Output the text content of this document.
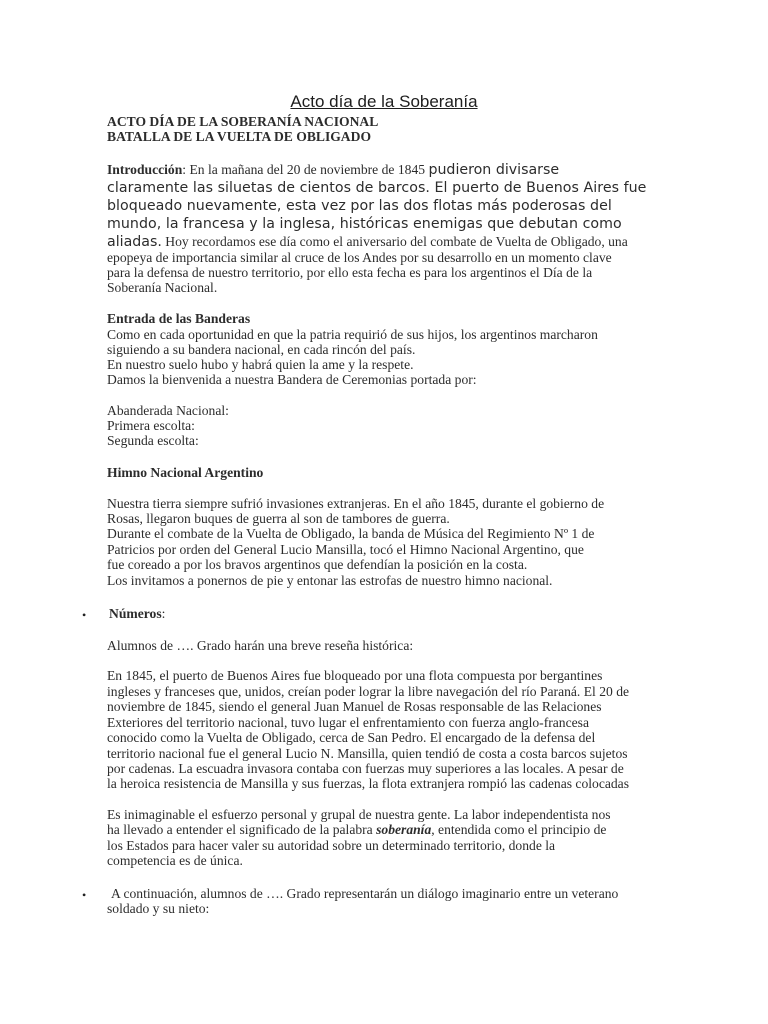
Acto día de la Soberanía
ACTO DÍA DE LA SOBERANÍA NACIONAL
BATALLA DE LA VUELTA DE OBLIGADO
Introducción: En la mañana del 20 de noviembre de 1845 pudieron divisarse
claramente las siluetas de cientos de barcos. El puerto de Buenos Aires fue
bloqueado nuevamente, esta vez por las dos flotas más poderosas del
mundo, la francesa y la inglesa, históricas enemigas que debutan como
aliadas. Hoy recordamos ese día como el aniversario del combate de Vuelta de Obligado, una
epopeya de importancia similar al cruce de los Andes por su desarrollo en un momento clave
para la defensa de nuestro territorio, por ello esta fecha es para los argentinos el Día de la
Soberanía Nacional.
Entrada de las Banderas
Como en cada oportunidad en que la patria requirió de sus hijos, los argentinos marcharon
siguiendo a su bandera nacional, en cada rincón del país.
En nuestro suelo hubo y habrá quien la ame y la respete.
Damos la bienvenida a nuestra Bandera de Ceremonias portada por:
Abanderada Nacional:
Primera escolta:
Segunda escolta:
Himno Nacional Argentino
Nuestra tierra siempre sufrió invasiones extranjeras. En el año 1845, durante el gobierno de
Rosas, llegaron buques de guerra al son de tambores de guerra.
Durante el combate de la Vuelta de Obligado, la banda de Música del Regimiento Nº 1 de
Patricios por orden del General Lucio Mansilla, tocó el Himno Nacional Argentino, que
fue coreado a por los bravos argentinos que defendían la posición en la costa.
Los invitamos a ponernos de pie y entonar las estrofas de nuestro himno nacional.
• Números:
Alumnos de …. Grado harán una breve reseña histórica:
En 1845, el puerto de Buenos Aires fue bloqueado por una flota compuesta por bergantines
ingleses y franceses que, unidos, creían poder lograr la libre navegación del río Paraná. El 20 de
noviembre de 1845, siendo el general Juan Manuel de Rosas responsable de las Relaciones
Exteriores del territorio nacional, tuvo lugar el enfrentamiento con fuerza anglo-francesa
conocido como la Vuelta de Obligado, cerca de San Pedro. El encargado de la defensa del
territorio nacional fue el general Lucio N. Mansilla, quien tendió de costa a costa barcos sujetos
por cadenas. La escuadra invasora contaba con fuerzas muy superiores a las locales. A pesar de
la heroica resistencia de Mansilla y sus fuerzas, la flota extranjera rompió las cadenas colocadas
Es inimaginable el esfuerzo personal y grupal de nuestra gente. La labor independentista nos
ha llevado a entender el significado de la palabra soberanía, entendida como el principio de
los Estados para hacer valer su autoridad sobre un determinado territorio, donde la
competencia es de única.
• A continuación, alumnos de …. Grado representarán un diálogo imaginario entre un veterano
soldado y su nieto:
